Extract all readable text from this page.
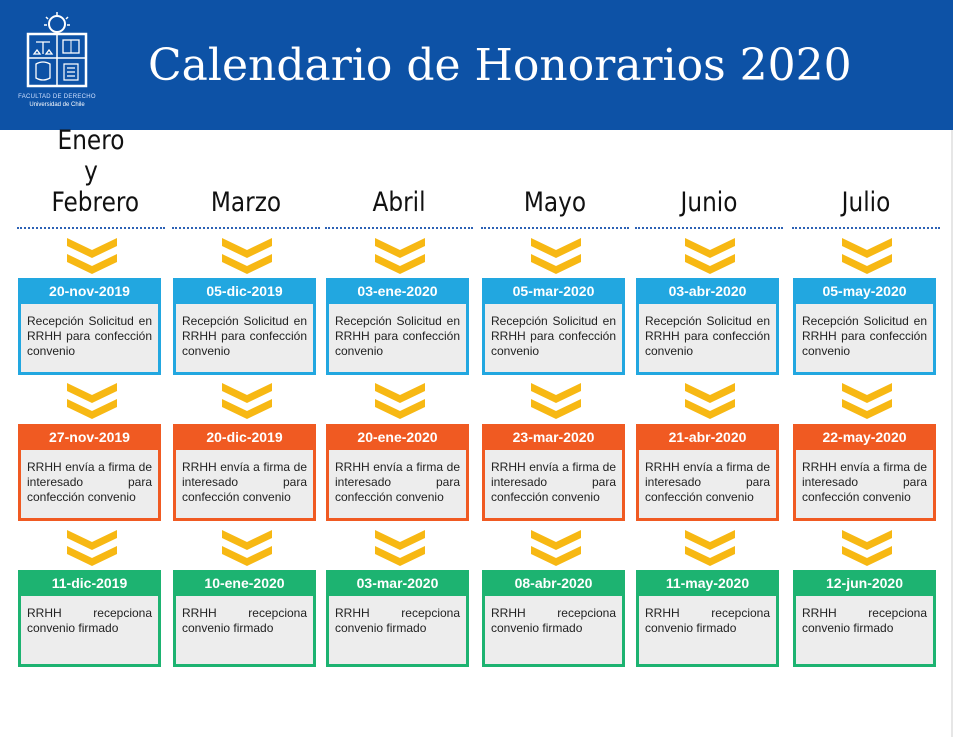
FACULTAD DE DERECHO
Universidad de Chile
Calendario de Honorarios 2020
Enero y Febrero
20-nov-2019
Recepción Solicitud en RRHH para confección convenio
27-nov-2019
RRHH envía a firma de interesado para confección convenio
11-dic-2019
RRHH recepciona convenio firmado
Marzo
05-dic-2019
Recepción Solicitud en RRHH para confección convenio
20-dic-2019
RRHH envía a firma de interesado para confección convenio
10-ene-2020
RRHH recepciona convenio firmado
Abril
03-ene-2020
Recepción Solicitud en RRHH para confección convenio
20-ene-2020
RRHH envía a firma de interesado para confección convenio
03-mar-2020
RRHH recepciona convenio firmado
Mayo
05-mar-2020
Recepción Solicitud en RRHH para confección convenio
23-mar-2020
RRHH envía a firma de interesado para confección convenio
08-abr-2020
RRHH recepciona convenio firmado
Junio
03-abr-2020
Recepción Solicitud en RRHH para confección convenio
21-abr-2020
RRHH envía a firma de interesado para confección convenio
11-may-2020
RRHH recepciona convenio firmado
Julio
05-may-2020
Recepción Solicitud en RRHH para confección convenio
22-may-2020
RRHH envía a firma de interesado para confección convenio
12-jun-2020
RRHH recepciona convenio firmado
